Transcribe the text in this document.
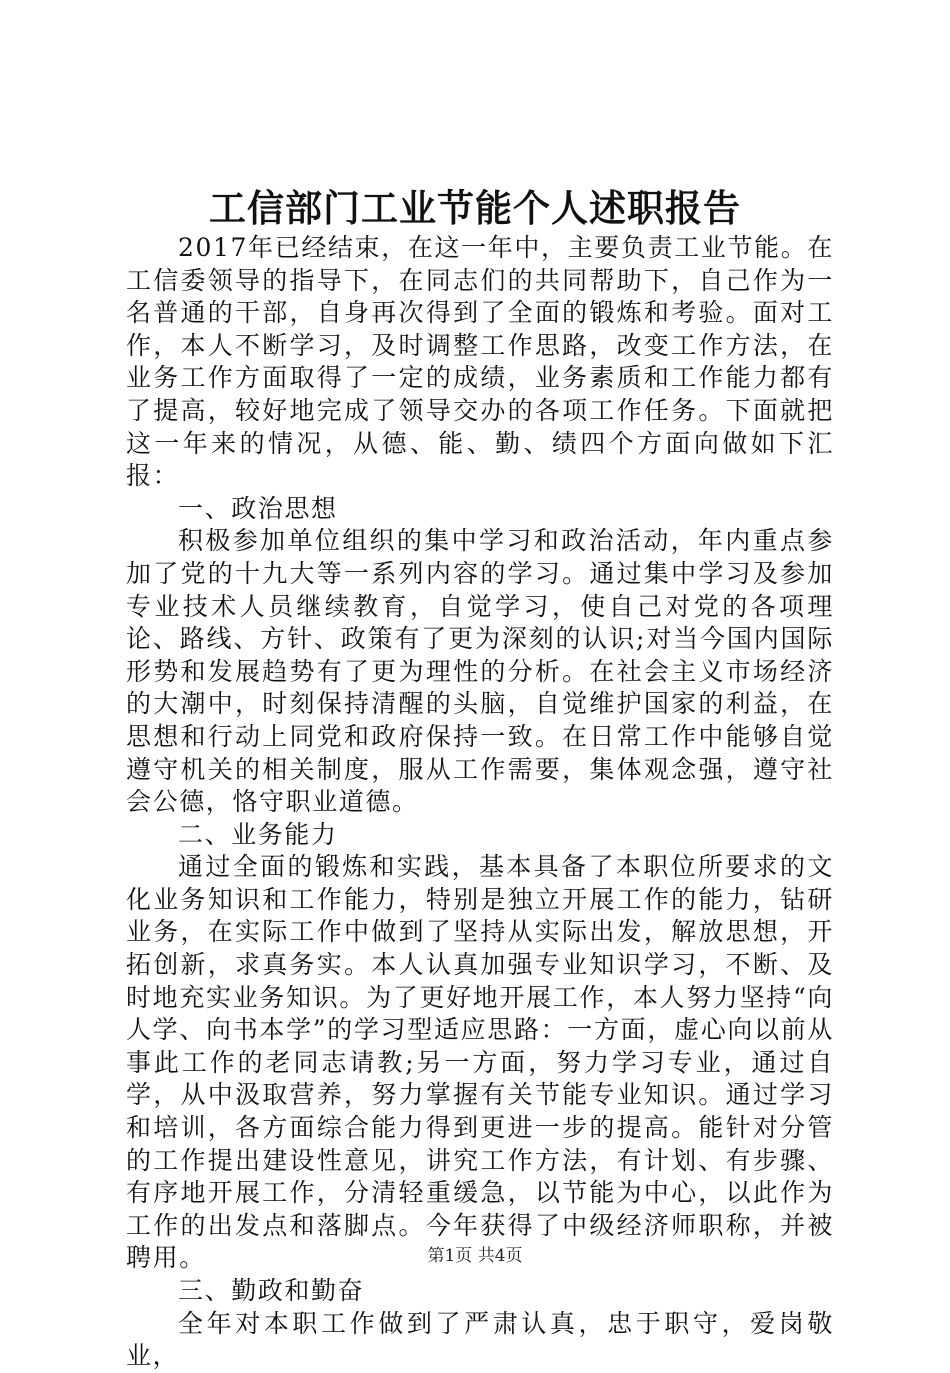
工信部门工业节能个人述职报告

2017年已经结束，在这一年中，主要负责工业节能。在工信委领导的指导下，在同志们的共同帮助下，自己作为一名普通的干部，自身再次得到了全面的锻炼和考验。面对工作，本人不断学习，及时调整工作思路，改变工作方法，在业务工作方面取得了一定的成绩，业务素质和工作能力都有了提高，较好地完成了领导交办的各项工作任务。下面就把这一年来的情况，从德、能、勤、绩四个方面向做如下汇报：

一、政治思想

积极参加单位组织的集中学习和政治活动，年内重点参加了党的十九大等一系列内容的学习。通过集中学习及参加专业技术人员继续教育，自觉学习，使自己对党的各项理论、路线、方针、政策有了更为深刻的认识;对当今国内国际形势和发展趋势有了更为理性的分析。在社会主义市场经济的大潮中，时刻保持清醒的头脑，自觉维护国家的利益，在思想和行动上同党和政府保持一致。在日常工作中能够自觉遵守机关的相关制度，服从工作需要，集体观念强，遵守社会公德，恪守职业道德。

二、业务能力

通过全面的锻炼和实践，基本具备了本职位所要求的文化业务知识和工作能力，特别是独立开展工作的能力，钻研业务，在实际工作中做到了坚持从实际出发，解放思想，开拓创新，求真务实。本人认真加强专业知识学习，不断、及时地充实业务知识。为了更好地开展工作，本人努力坚持“向人学、向书本学”的学习型适应思路：一方面，虚心向以前从事此工作的老同志请教;另一方面，努力学习专业，通过自学，从中汲取营养，努力掌握有关节能专业知识。通过学习和培训，各方面综合能力得到更进一步的提高。能针对分管的工作提出建设性意见，讲究工作方法，有计划、有步骤、有序地开展工作，分清轻重缓急，以节能为中心，以此作为工作的出发点和落脚点。今年获得了中级经济师职称，并被聘用。

三、勤政和勤奋

全年对本职工作做到了严肃认真，忠于职守，爱岗敬业，

第1页 共4页
